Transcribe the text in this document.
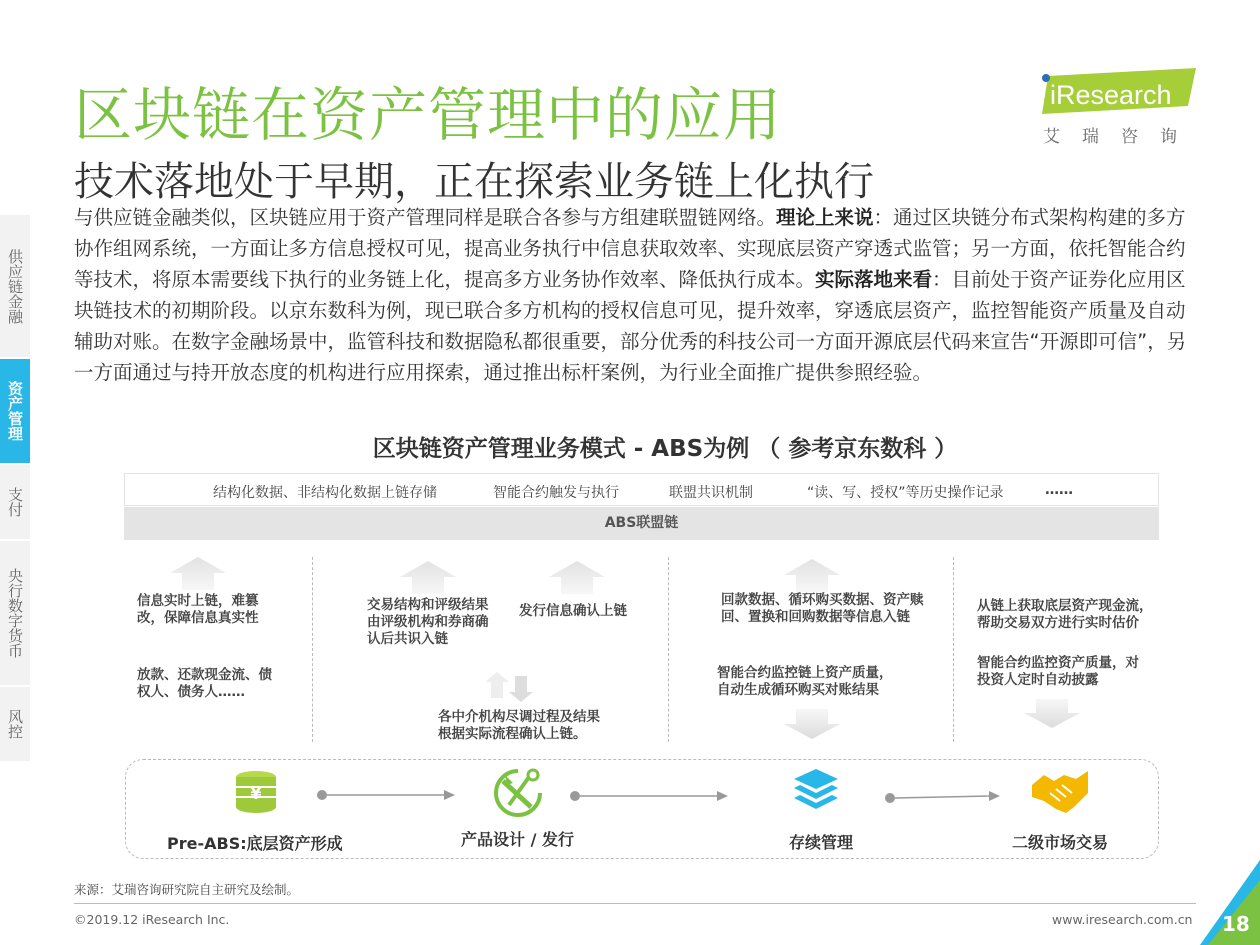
区块链在资产管理中的应用
技术落地处于早期，正在探索业务链上化执行
iResearch
艾瑞咨询
与供应链金融类似，区块链应用于资产管理同样是联合各参与方组建联盟链网络。理论上来说：通过区块链分布式架构构建的多方协作组网系统，一方面让多方信息授权可见，提高业务执行中信息获取效率、实现底层资产穿透式监管；另一方面，依托智能合约等技术，将原本需要线下执行的业务链上化，提高多方业务协作效率、降低执行成本。实际落地来看：目前处于资产证券化应用区块链技术的初期阶段。以京东数科为例，现已联合多方机构的授权信息可见，提升效率，穿透底层资产，监控智能资产质量及自动辅助对账。在数字金融场景中，监管科技和数据隐私都很重要，部分优秀的科技公司一方面开源底层代码来宣告“开源即可信”，另一方面通过与持开放态度的机构进行应用探索，通过推出标杆案例，为行业全面推广提供参照经验。
供应链金融
资产管理
支付
央行数字货币
风控
区块链资产管理业务模式 - ABS为例 （ 参考京东数科 ）
结构化数据、非结构化数据上链存储	智能合约触发与执行	联盟共识机制	“读、写、授权”等历史操作记录	……
ABS联盟链
信息实时上链，难篡改，保障信息真实性
放款、还款现金流、债权人、债务人……
交易结构和评级结果由评级机构和券商确认后共识入链
发行信息确认上链
各中介机构尽调过程及结果根据实际流程确认上链。
回款数据、循环购买数据、资产赎回、置换和回购数据等信息入链
智能合约监控链上资产质量，自动生成循环购买对账结果
从链上获取底层资产现金流，帮助交易双方进行实时估价
智能合约监控资产质量，对投资人定时自动披露
¥
Pre-ABS:底层资产形成	产品设计 / 发行	存续管理	二级市场交易
来源：艾瑞咨询研究院自主研究及绘制。
©2019.12 iResearch Inc.	www.iresearch.com.cn 18
